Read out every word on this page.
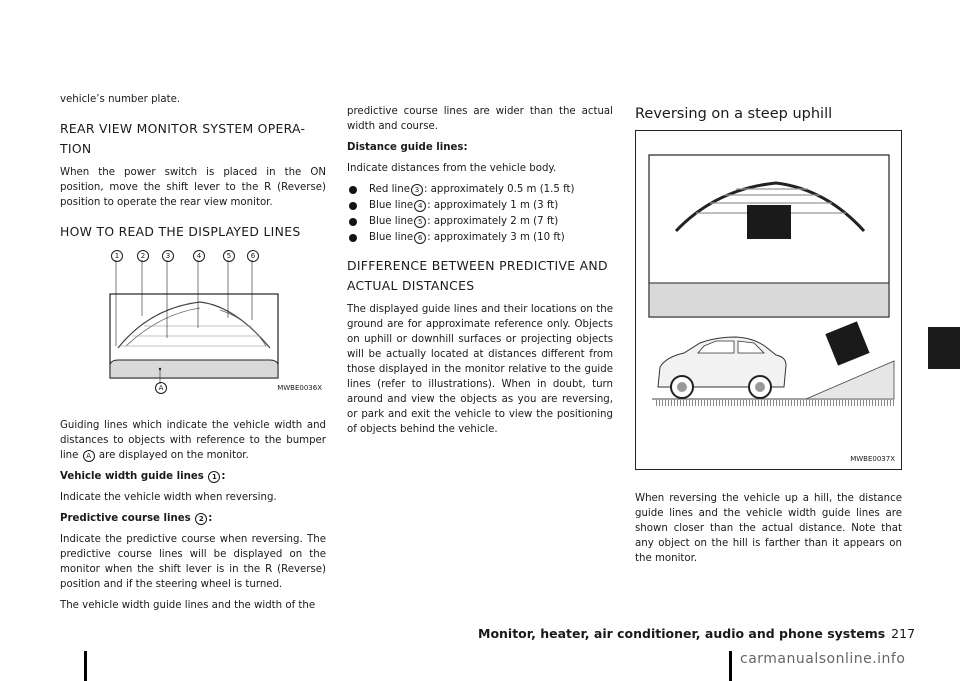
vehicle’s number plate.

REAR VIEW MONITOR SYSTEM OPERA-TION

When the power switch is placed in the ON position, move the shift lever to the R (Reverse) position to operate the rear view monitor.

HOW TO READ THE DISPLAYED LINES
1	2	3	4	5	6
A	MWBE0036X

Guiding lines which indicate the vehicle width and distances to objects with reference to the bumper line A are displayed on the monitor.

Vehicle width guide lines 1 :

Indicate the vehicle width when reversing.

Predictive course lines 2 :

Indicate the predictive course when reversing. The predictive course lines will be displayed on the monitor when the shift lever is in the R (Reverse) position and if the steering wheel is turned.

The vehicle width guide lines and the width of the

predictive course lines are wider than the actual width and course.

Distance guide lines:

Indicate distances from the vehicle body.

Red line 3 : approximately 0.5 m (1.5 ft)
Blue line 4 : approximately 1 m (3 ft)
Blue line 5 : approximately 2 m (7 ft)
Blue line 6 : approximately 3 m (10 ft)
DIFFERENCE BETWEEN PREDICTIVE AND ACTUAL DISTANCES

The displayed guide lines and their locations on the ground are for approximate reference only. Objects on uphill or downhill surfaces or projecting objects will be actually located at distances different from those displayed in the monitor relative to the guide lines (refer to illustrations). When in doubt, turn around and view the objects as you are reversing, or park and exit the vehicle to view the positioning of objects behind the vehicle.

Reversing on a steep uphill
MWBE0037X

When reversing the vehicle up a hill, the distance guide lines and the vehicle width guide lines are shown closer than the actual distance. Note that any object on the hill is farther than it appears on the monitor.

Monitor, heater, air conditioner, audio and phone systems 217
carmanualsonline.info
